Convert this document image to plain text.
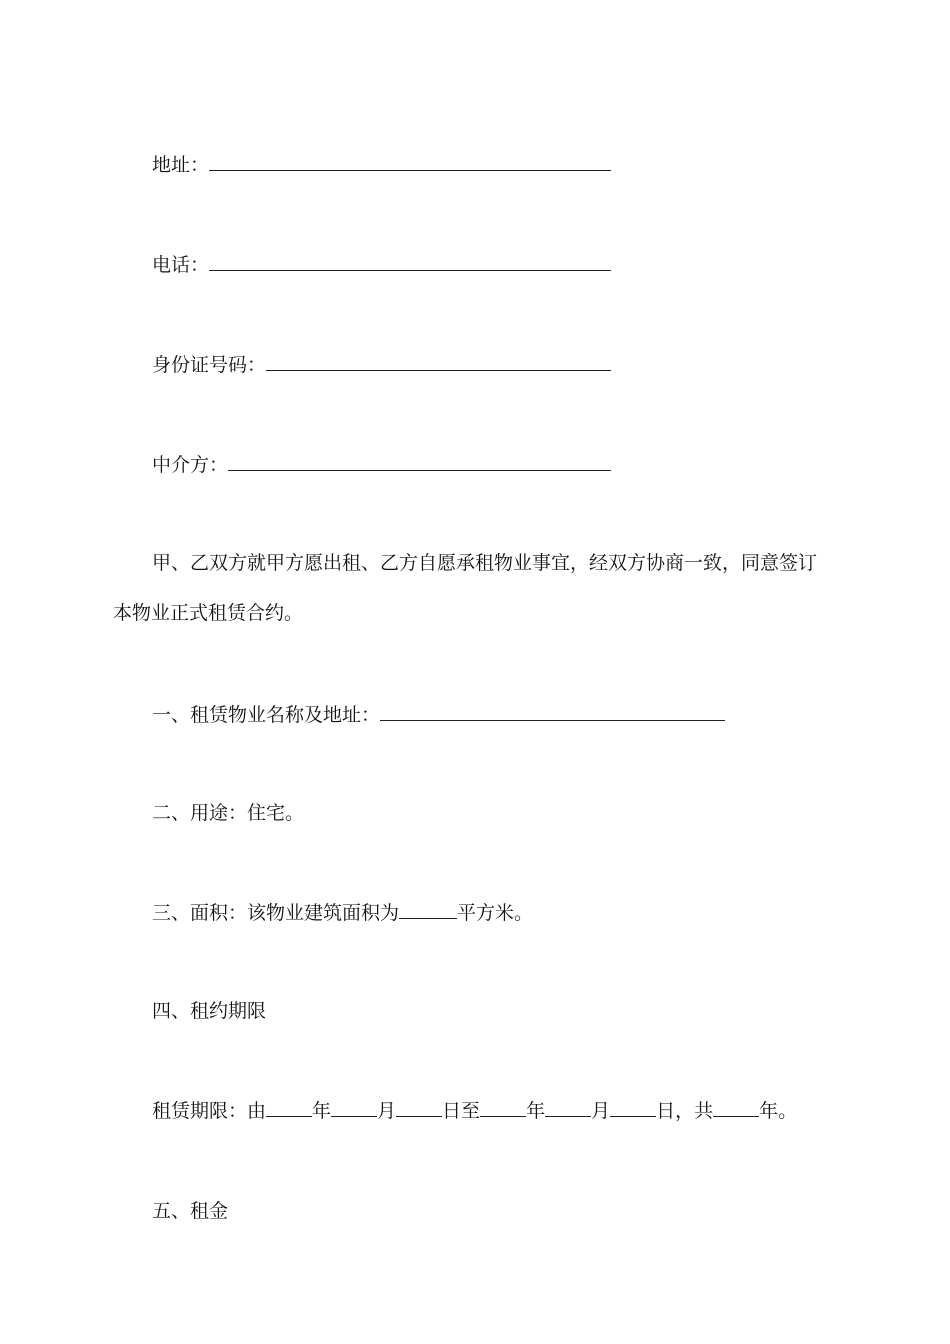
地址：
电话：
身份证号码：
中介方：
甲、乙双方就甲方愿出租、乙方自愿承租物业事宜，经双方协商一致，同意签订
本物业正式租赁合约。
一、租赁物业名称及地址：
二、用途：住宅。
三、面积：该物业建筑面积为	平方米。
四、租约期限
租赁期限：由 年 月 日至 年 月 日，共 年。
五、租金
